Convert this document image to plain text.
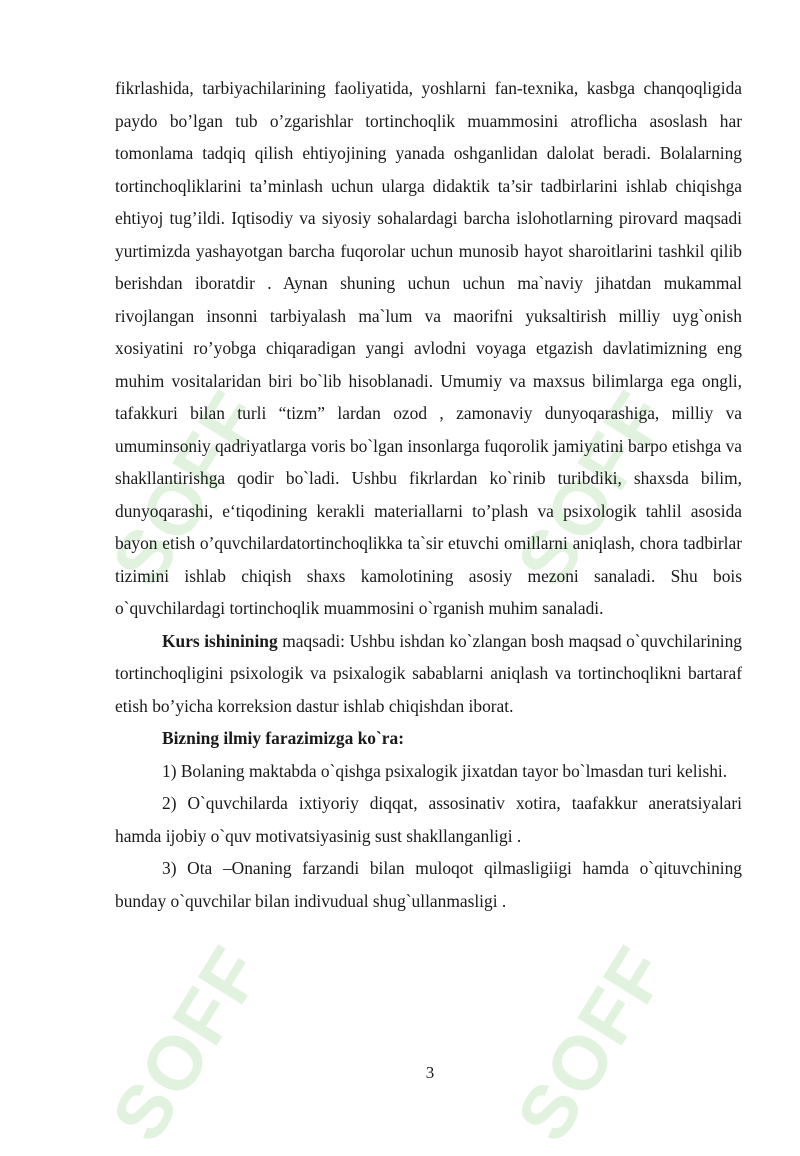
SOFF	SOFF
SOFF	SOFF

fikrlashida, tarbiyachilarining faoliyatida, yoshlarni fan-texnika, kasbga chanqoqligida paydo bo’lgan tub o’zgarishlar tortinchoqlik muammosini atroflicha asoslash har tomonlama tadqiq qilish ehtiyojining yanada oshganlidan dalolat beradi. Bolalarning tortinchoqliklarini ta’minlash uchun ularga didaktik ta’sir tadbirlarini ishlab chiqishga ehtiyoj tug’ildi. Iqtisodiy va siyosiy sohalardagi barcha islohotlarning pirovard maqsadi yurtimizda yashayotgan barcha fuqorolar uchun munosib hayot sharoitlarini tashkil qilib berishdan iboratdir . Aynan shuning uchun uchun ma`naviy jihatdan mukammal rivojlangan insonni tarbiyalash ma`lum va maorifni yuksaltirish milliy uyg`onish xosiyatini ro’yobga chiqaradigan yangi avlodni voyaga etgazish davlatimizning eng muhim vositalaridan biri bo`lib hisoblanadi. Umumiy va maxsus bilimlarga ega ongli, tafakkuri bilan turli “tizm” lardan ozod , zamonaviy dunyoqarashiga, milliy va umuminsoniy qadriyatlarga voris bo`lgan insonlarga fuqorolik jamiyatini barpo etishga va shakllantirishga qodir bo`ladi. Ushbu fikrlardan ko`rinib turibdiki, shaxsda bilim, dunyoqarashi, e‘tiqodining kerakli materiallarni to’plash va psixologik tahlil asosida bayon etish o’quvchilardatortinchoqlikka ta`sir etuvchi omillarni aniqlash, chora tadbirlar tizimini ishlab chiqish shaxs kamolotining asosiy mezoni sanaladi. Shu bois o`quvchilardagi tortinchoqlik muammosini o`rganish muhim sanaladi.

Kurs ishinining maqsadi: Ushbu ishdan ko`zlangan bosh maqsad o`quvchilarining tortinchoqligini psixologik va psixalogik sabablarni aniqlash va tortinchoqlikni bartaraf etish bo’yicha korreksion dastur ishlab chiqishdan iborat.

Bizning ilmiy farazimizga ko`ra:

1) Bolaning maktabda o`qishga psixalogik jixatdan tayor bo`lmasdan turi kelishi.

2) O`quvchilarda ixtiyoriy diqqat, assosinativ xotira, taafakkur aneratsiyalari hamda ijobiy o`quv motivatsiyasinig sust shakllanganligi .

3) Ota –Onaning farzandi bilan muloqot qilmasligiigi hamda o`qituvchining bunday o`quvchilar bilan indivudual shug`ullanmasligi .

3
